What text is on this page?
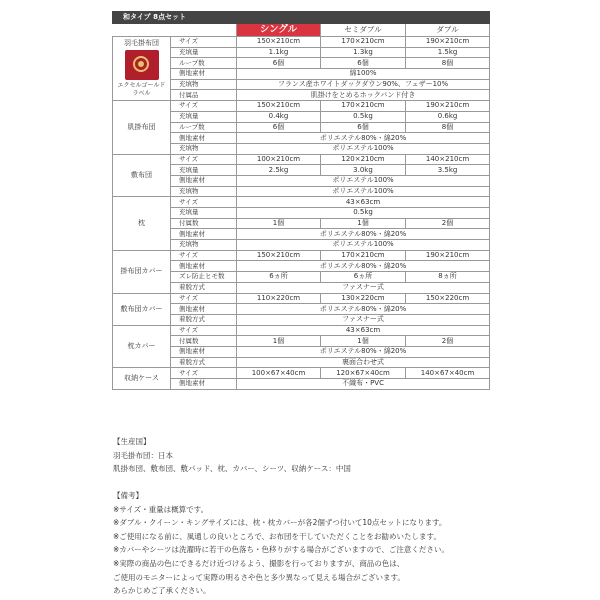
和タイプ 8点セット				
		シングル	セミダブル	ダブル

羽毛掛布団
エクセルゴールドラベル	サイズ	150×210cm	170×210cm	190×210cm
	充填量	1.1kg	1.3kg	1.5kg
	ループ数	6個	6個	8個
	側地素材	綿100%		
	充填物	フランス産ホワイトダックダウン90%、フェザー10%		
	付属品	肌掛けをとめるホックバンド付き		

肌掛布団	サイズ	150×210cm	170×210cm	190×210cm
	充填量	0.4kg	0.5kg	0.6kg
	ループ数	6個	6個	8個
	側地素材	ポリエステル80%・綿20%		
	充填物	ポリエステル100%		

敷布団	サイズ	100×210cm	120×210cm	140×210cm
	充填量	2.5kg	3.0kg	3.5kg
	側地素材	ポリエステル100%		
	充填物	ポリエステル100%		

枕	サイズ	43×63cm		
	充填量	0.5kg		
	付属数	1個	1個	2個
	側地素材	ポリエステル80%・綿20%		
	充填物	ポリエステル100%		

掛布団カバー	サイズ	150×210cm	170×210cm	190×210cm
	側地素材	ポリエステル80%・綿20%		
	ズレ防止ヒモ数	6ヵ所	6ヵ所	8ヵ所
	着脱方式	ファスナー式		

敷布団カバー	サイズ	110×220cm	130×220cm	150×220cm
	側地素材	ポリエステル80%・綿20%		
	着脱方式	ファスナー式		

枕カバー	サイズ	43×63cm		
	付属数	1個	1個	2個
	側地素材	ポリエステル80%・綿20%		
	着脱方式	裏面合わせ式		

収納ケース	サイズ	100×67×40cm	120×67×40cm	140×67×40cm
	側地素材	不織布・PVC		
【生産国】
羽毛掛布団：日本
肌掛布団、敷布団、敷パッド、枕、カバー、シーツ、収納ケース：中国
【備考】
※サイズ・重量は概算です。
※ダブル・クイーン・キングサイズには、枕・枕カバーが各2個ずつ付いて10点セットになります。
※ご使用になる前に、風通しの良いところで、お布団を干していただくことをお勧めいたします。
※カバーやシーツは洗濯時に若干の色落ち・色移りがする場合がございますので、ご注意ください。
※実際の商品の色にできるだけ近づけるよう、撮影を行っておりますが、商品の色は、
ご使用のモニターによって実際の明るさや色と多少異なって見える場合がございます。
あらかじめご了承ください。
